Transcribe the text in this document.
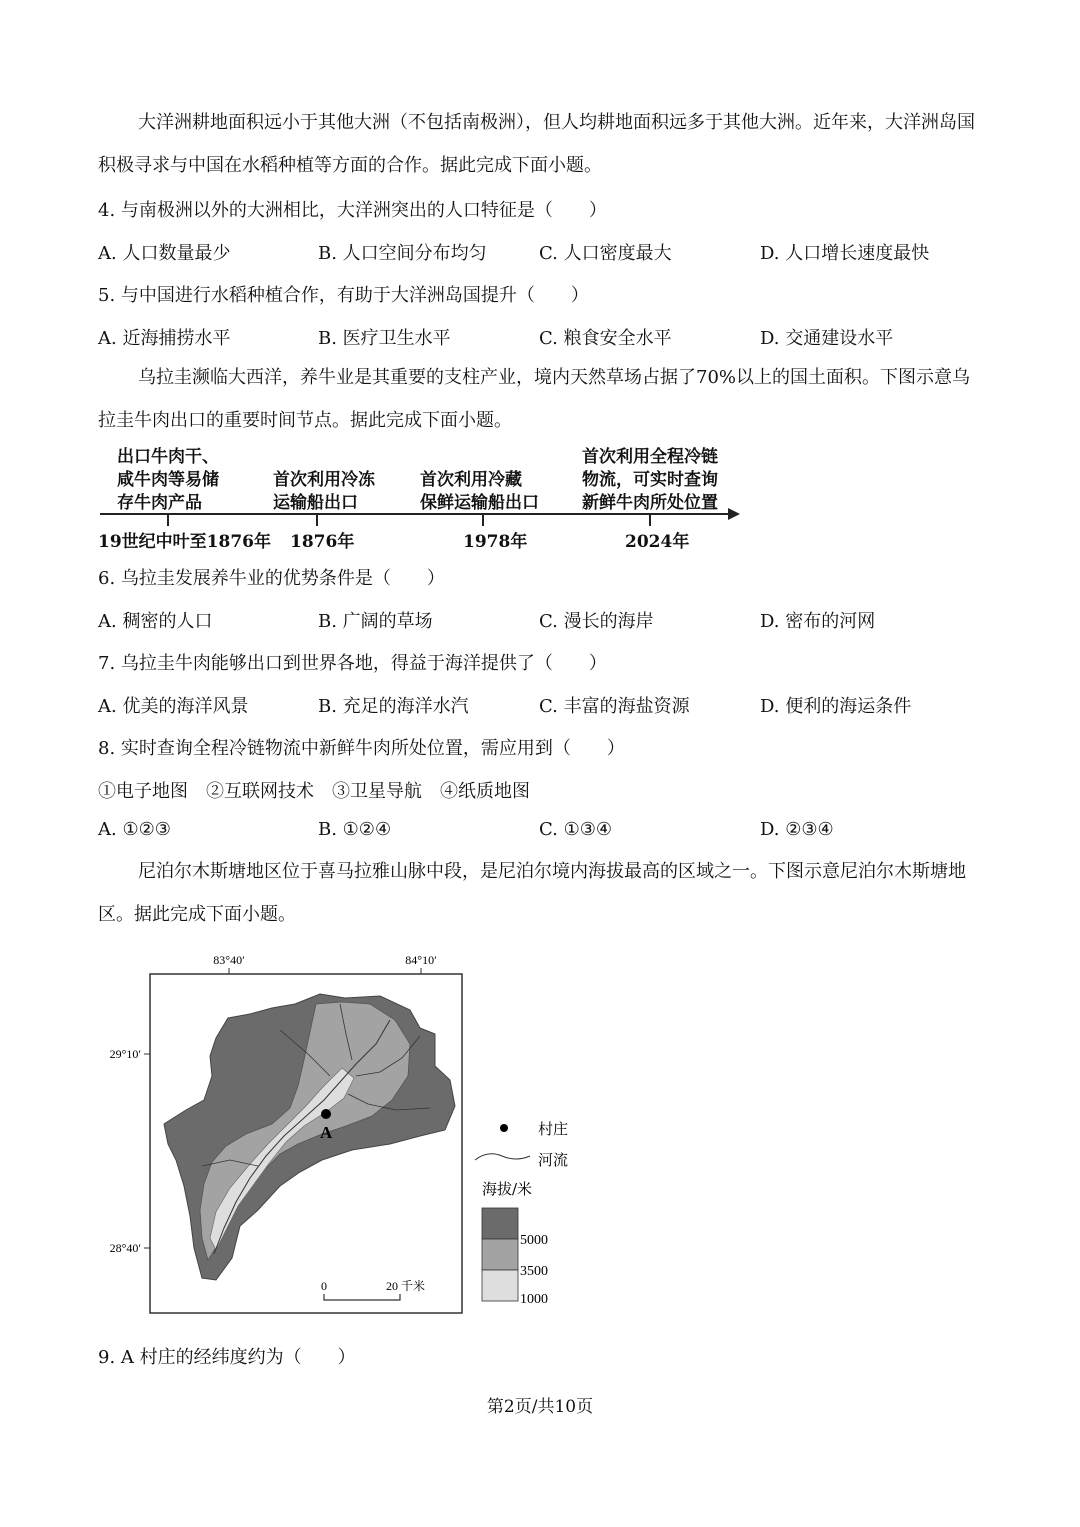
大洋洲耕地面积远小于其他大洲（不包括南极洲），但人均耕地面积远多于其他大洲。近年来，大洋洲岛国积极寻求与中国在水稻种植等方面的合作。据此完成下面小题。
4. 与南极洲以外的大洲相比，大洋洲突出的人口特征是（　　）
A. 人口数量最少	B. 人口空间分布均匀	C. 人口密度最大	D. 人口增长速度最快
5. 与中国进行水稻种植合作，有助于大洋洲岛国提升（　　）
A. 近海捕捞水平	B. 医疗卫生水平	C. 粮食安全水平	D. 交通建设水平
乌拉圭濒临大西洋，养牛业是其重要的支柱产业，境内天然草场占据了70%以上的国土面积。下图示意乌拉圭牛肉出口的重要时间节点。据此完成下面小题。
出口牛肉干、
咸牛肉等易储
存牛肉产品
首次利用冷冻
运输船出口
首次利用冷藏
保鲜运输船出口
首次利用全程冷链
物流，可实时查询
新鲜牛肉所处位置
19世纪中叶至1876年 1876年	1978年	2024年
6. 乌拉圭发展养牛业的优势条件是（　　）
A. 稠密的人口	B. 广阔的草场	C. 漫长的海岸	D. 密布的河网
7. 乌拉圭牛肉能够出口到世界各地，得益于海洋提供了（　　）
A. 优美的海洋风景	B. 充足的海洋水汽	C. 丰富的海盐资源	D. 便利的海运条件
8. 实时查询全程冷链物流中新鲜牛肉所处位置，需应用到（　　）
①电子地图　②互联网技术　③卫星导航　④纸质地图
A. ①②③	B. ①②④	C. ①③④	D. ②③④
尼泊尔木斯塘地区位于喜马拉雅山脉中段，是尼泊尔境内海拔最高的区域之一。下图示意尼泊尔木斯塘地区。据此完成下面小题。
83°40′	84°10′
29°10′
28°40′
A
0	20 千米
村庄
河流
海拔/米
5000
3500
1000
9. A 村庄的经纬度约为（　　）
第2页/共10页
